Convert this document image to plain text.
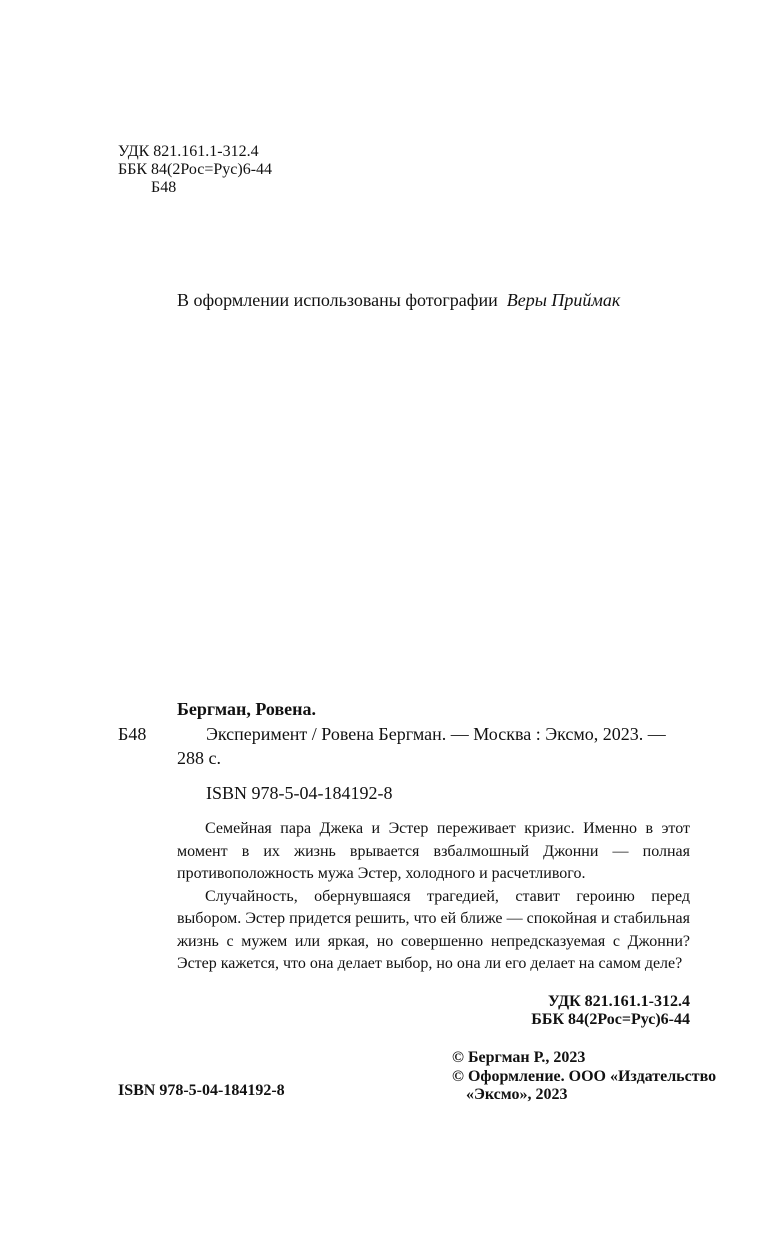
УДК 821.161.1-312.4
ББК 84(2Рос=Рус)6-44
Б48
В оформлении использованы фотографии Веры Приймак
Бергман, Ровена.
Б48	Эксперимент / Ровена Бергман. — Москва : Эксмо, 2023. —
288 с.
ISBN 978-5-04-184192-8

Семейная пара Джека и Эстер переживает кризис. Именно в этот момент в их жизнь врывается взбалмошный Джонни — полная противоположность мужа Эстер, холодного и расчетливого.

Случайность, обернувшаяся трагедией, ставит героиню перед выбором. Эстер придется решить, что ей ближе — спокойная и стабильная жизнь с мужем или яркая, но совершенно непредсказуемая с Джонни? Эстер кажется, что она делает выбор, но она ли его делает на самом деле?

УДК 821.161.1-312.4
ББК 84(2Рос=Рус)6-44
ISBN 978-5-04-184192-8
© Бергман Р., 2023
© Оформление. ООО «Издательство
«Эксмо», 2023
